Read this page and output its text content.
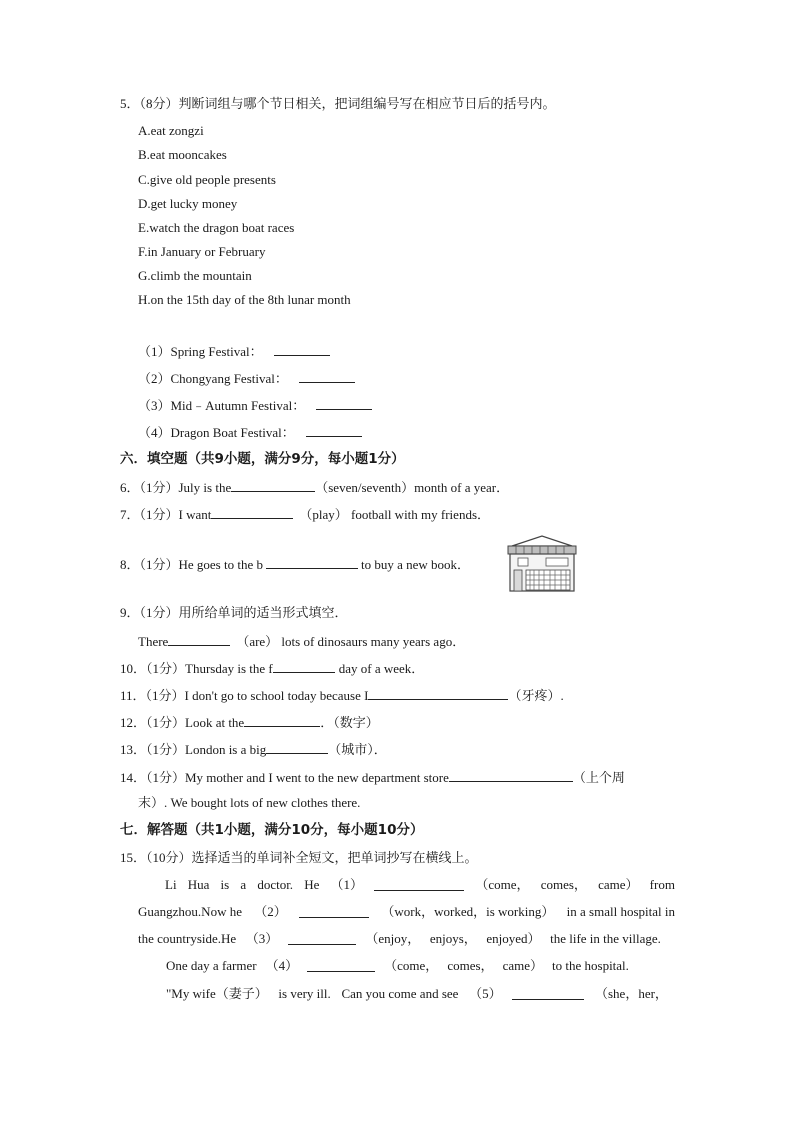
5．（8分）判断词组与哪个节日相关，把词组编号写在相应节日后的括号内。
A.eat zongzi
B.eat mooncakes
C.give old people presents
D.get lucky money
E.watch the dragon boat races
F.in January or February
G.climb the mountain
H.on the 15th day of the 8th lunar month
（1）Spring Festival：
（2）Chongyang Festival：
（3）Mid﹣Autumn Festival：
（4）Dragon Boat Festival：
六．填空题（共9小题，满分9分，每小题1分）
6．（1分）July is the	（seven/seventh）month of a year．
7．（1分）I want	（play） football with my friends．
8．（1分）He goes to the b	to buy a new book．
9．（1分）用所给单词的适当形式填空．
There	（are） lots of dinosaurs many years ago．
10．（1分）Thursday is the f	day of a week．
11．（1分）I don't go to school today because I	（牙疼）.
12．（1分）Look at the	．（数字）
13．（1分）London is a big	（城市）．
14．（1分）My mother and I went to the new department store	（上个周
末）. We bought lots of new clothes there.
七．解答题（共1小题，满分10分，每小题10分）
15．（10分）选择适当的单词补全短文，把单词抄写在横线上。
Li Hua is a doctor. He （1）	（come， comes， came） from
Guangzhou.Now he （2）	（work，worked，is working） in a small hospital in
the countryside.He （3）	（enjoy， enjoys， enjoyed） the life in the village.
One day a farmer （4）	（come， comes， came） to the hospital.
"My wife（妻子） is very ill. Can you come and see （5）	（she，her，
